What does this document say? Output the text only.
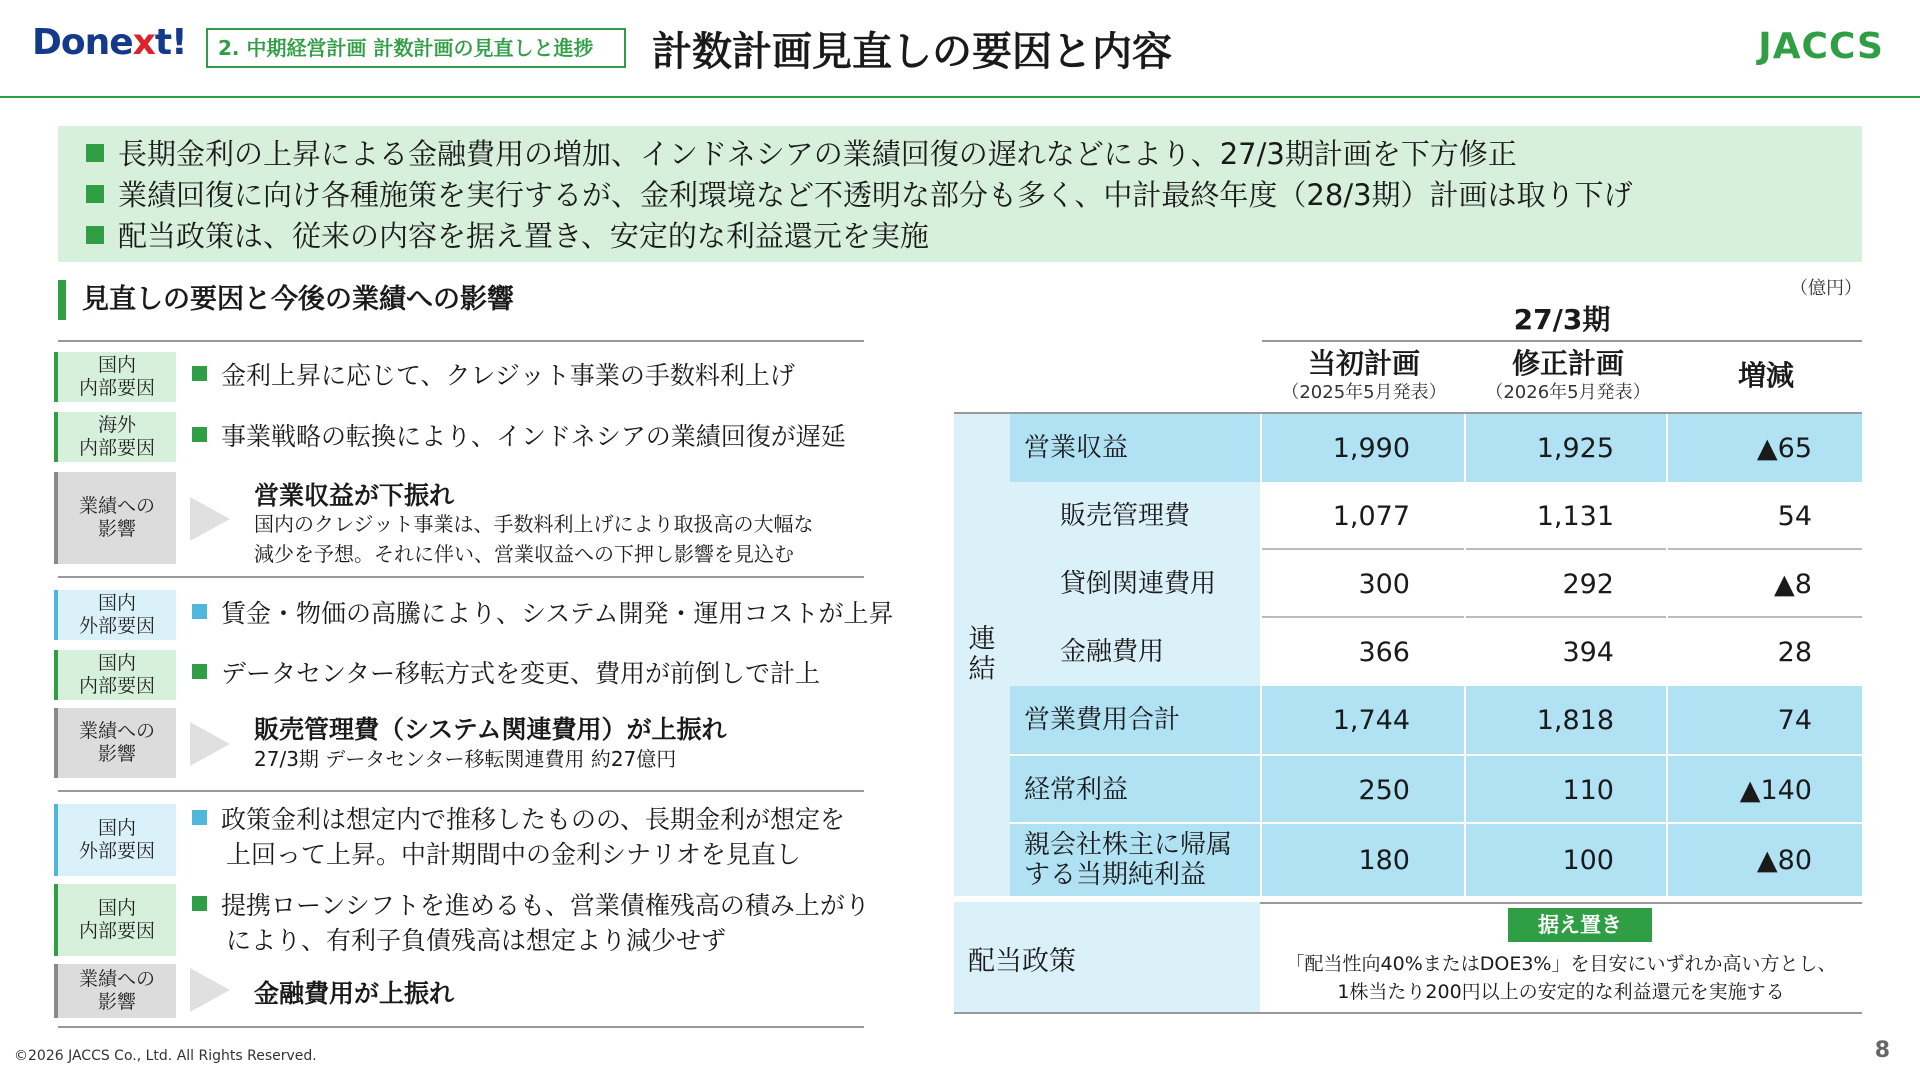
Donext!	2. 中期経営計画 計数計画の見直しと進捗	計数計画見直しの要因と内容	JACCS
長期金利の上昇による金融費用の増加、インドネシアの業績回復の遅れなどにより、27/3期計画を下方修正
業績回復に向け各種施策を実行するが、金利環境など不透明な部分も多く、中計最終年度（28/3期）計画は取り下げ
配当政策は、従来の内容を据え置き、安定的な利益還元を実施
見直しの要因と今後の業績への影響
国内
内部要因	金利上昇に応じて、クレジット事業の手数料利上げ
海外
内部要因	事業戦略の転換により、インドネシアの業績回復が遅延
業績への
影響
営業収益が下振れ
国内のクレジット事業は、手数料利上げにより取扱高の大幅な
減少を予想。それに伴い、営業収益への下押し影響を見込む
国内
外部要因	賃金・物価の高騰により、システム開発・運用コストが上昇
国内
内部要因	データセンター移転方式を変更、費用が前倒しで計上
業績への
影響
販売管理費（システム関連費用）が上振れ
27/3期 データセンター移転関連費用 約27億円
国内
外部要因
政策金利は想定内で推移したものの、長期金利が想定を
上回って上昇。中計期間中の金利シナリオを見直し
国内
内部要因
提携ローンシフトを進めるも、営業債権残高の積み上がり
により、有利子負債残高は想定より減少せず
業績への
影響	金融費用が上振れ
（億円）
27/3期
当初計画
（2025年5月発表）
修正計画
（2026年5月発表）
増減
連
結
営業収益	1,990	1,925	▲65
販売管理費	1,077	1,131	54
貸倒関連費用	300	292	▲8
金融費用	366	394	28
営業費用合計	1,744	1,818	74
経常利益	250	110	▲140
親会社株主に帰属
する当期純利益	180	100	▲80
配当政策
据え置き
「配当性向40%またはDOE3%」を目安にいずれか高い方とし、
1株当たり200円以上の安定的な利益還元を実施する
©2026 JACCS Co., Ltd. All Rights Reserved.	8
